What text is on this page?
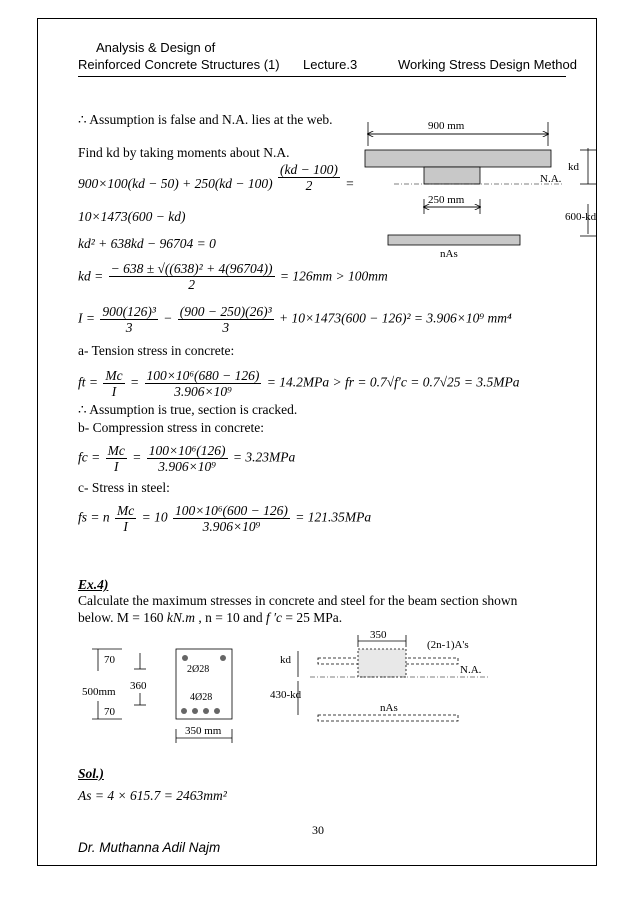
Analysis & Design of
Reinforced Concrete Structures (1) Lecture.3	Working Stress Design Method
∴ Assumption is false and N.A. lies at the web.
Find kd by taking moments about N.A.
$900\times 100(kd - 50) + 250(kd - 100) \frac{(kd - 100)}{2}$ =
10×1473(600 − kd)
kd² + 638kd − 96704 = 0
kd = $\frac{\text{− 638 ± √((638)² + 4(96704))}}{2} = 126mm > 100mm$
$I = \frac{\text{900(126)³}}{3} - \frac{\text{(900 − 250)(26)³}}{3} + 10\times 1473(600 - 126)^2 = 3.906\times 10^9$ mm⁴
a- Tension stress in concrete:
ft = $\frac{Mc}{I} = \frac{\text{100×10⁶(680 − 126)}}{\text{3.906×10⁹}} = 14.2MPa$ > fr = 0.7√f′c = 0.7√25 = 3.5MPa
∴ Assumption is true, section is cracked.
b- Compression stress in concrete:
fc = $\frac{Mc}{I} = \frac{\text{100×10⁶(126)}}{\text{3.906×10⁹}} = 3.23MPa$
c- Stress in steel:
fs = n $\frac{Mc}{I} = 10 \frac{\text{100×10⁶(600 − 126)}}{\text{3.906×10⁹}} = 121.35MPa$
Ex.4)
Calculate the maximum stresses in concrete and steel for the beam section shown
below. M = 160 kN.m , n = 10 and f ′c = 25 MPa.
Sol.)
As = 4 × 615.7 = 2463mm²
900 mm
N.A.
250 mm
kd
600-kd
nAs
70
360
500mm
70
2Ø28
4Ø28
350 mm
350
(2n-1)A's
N.A.
kd
430-kd
nAs
30
Dr. Muthanna Adil Najm
